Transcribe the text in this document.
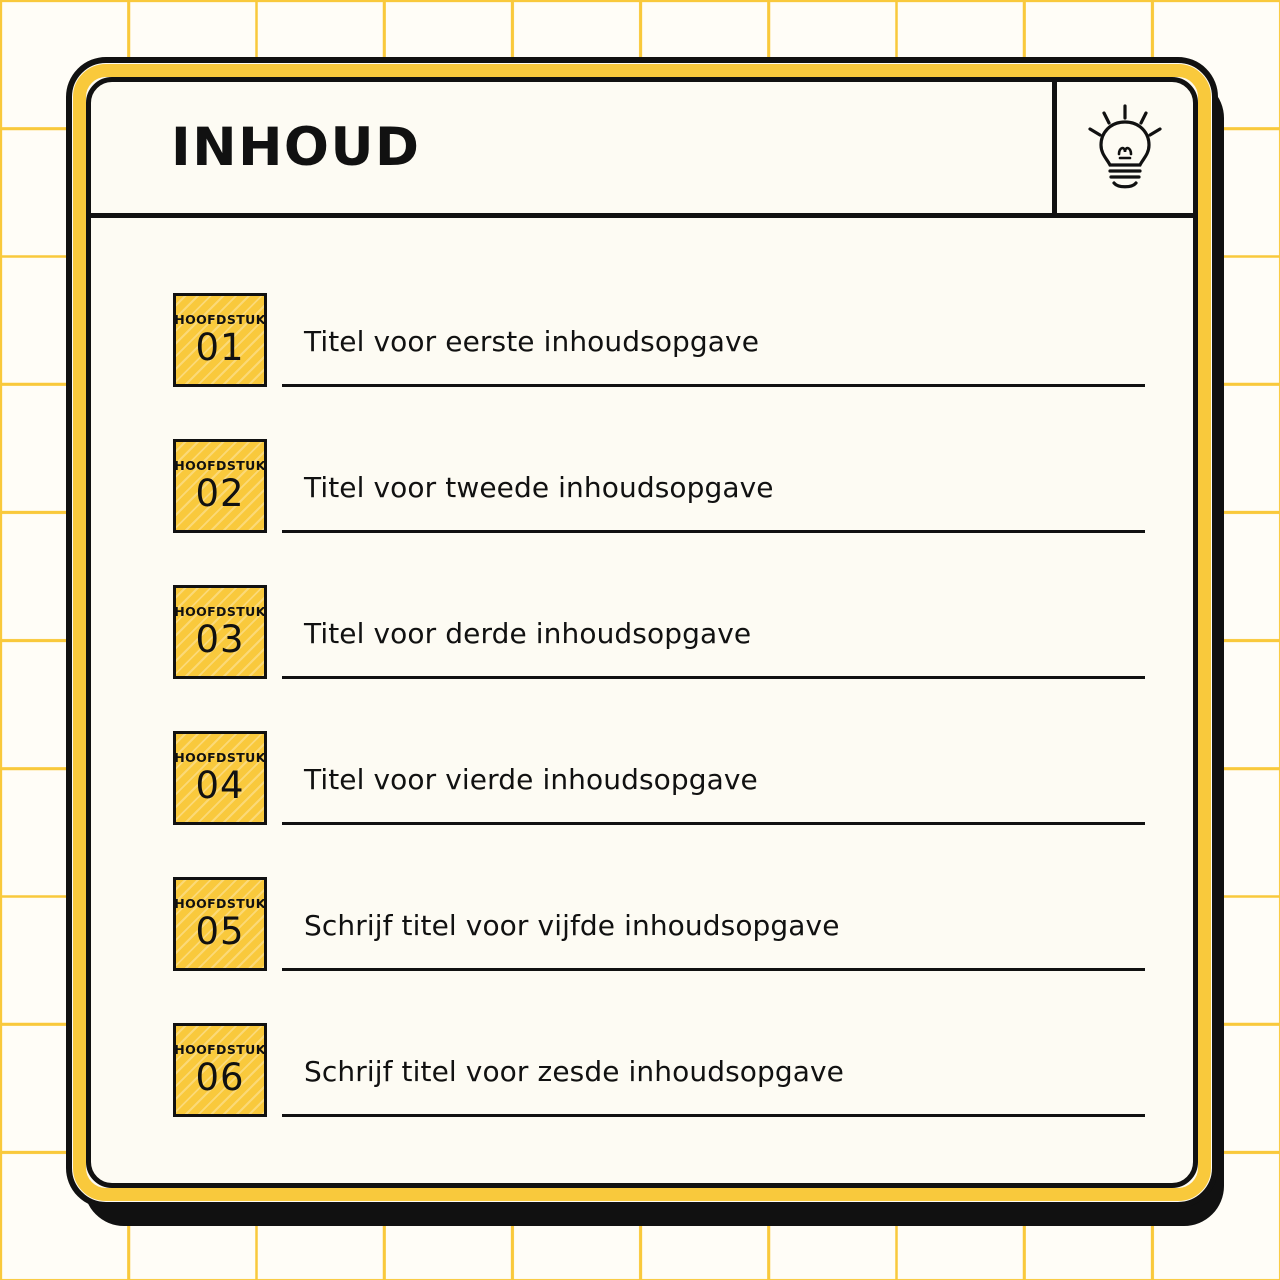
INHOUD
HOOFDSTUK
01	Titel voor eerste inhoudsopgave
HOOFDSTUK
02	Titel voor tweede inhoudsopgave
HOOFDSTUK
03	Titel voor derde inhoudsopgave
HOOFDSTUK
04	Titel voor vierde inhoudsopgave
HOOFDSTUK
05	Schrijf titel voor vijfde inhoudsopgave
HOOFDSTUK
06	Schrijf titel voor zesde inhoudsopgave
